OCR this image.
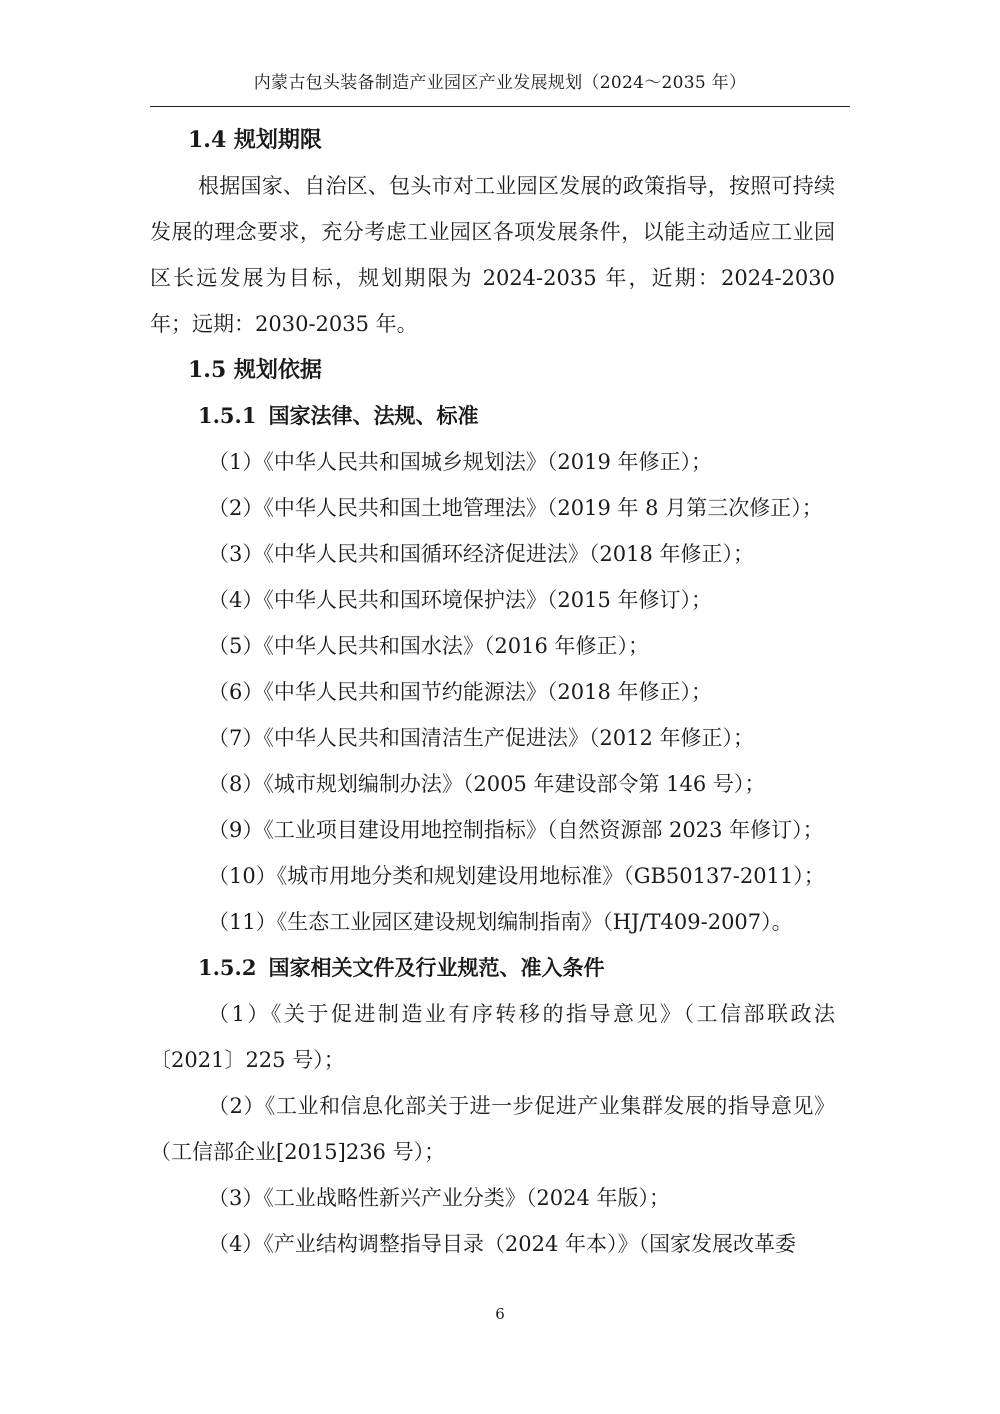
内蒙古包头装备制造产业园区产业发展规划（2024～2035 年）

1.4 规划期限

根据国家、自治区、包头市对工业园区发展的政策指导，按照可持续发展的理念要求，充分考虑工业园区各项发展条件，以能主动适应工业园区长远发展为目标，规划期限为 2024-2035 年，近期：2024-2030 年；远期：2030-2035 年。

1.5 规划依据

1.5.1 国家法律、法规、标准

（1）《中华人民共和国城乡规划法》（2019 年修正）；

（2）《中华人民共和国土地管理法》（2019 年 8 月第三次修正）；

（3）《中华人民共和国循环经济促进法》（2018 年修正）；

（4）《中华人民共和国环境保护法》（2015 年修订）；

（5）《中华人民共和国水法》（2016 年修正）；

（6）《中华人民共和国节约能源法》（2018 年修正）；

（7）《中华人民共和国清洁生产促进法》（2012 年修正）；

（8）《城市规划编制办法》（2005 年建设部令第 146 号）；

（9）《工业项目建设用地控制指标》（自然资源部 2023 年修订）；

（10）《城市用地分类和规划建设用地标准》（GB50137-2011）；

（11）《生态工业园区建设规划编制指南》（HJ/T409-2007）。

1.5.2 国家相关文件及行业规范、准入条件

（1）《关于促进制造业有序转移的指导意见》（工信部联政法〔2021〕225 号）；

（2）《工业和信息化部关于进一步促进产业集群发展的指导意见》（工信部企业[2015]236 号）；

（3）《工业战略性新兴产业分类》（2024 年版）；

（4）《产业结构调整指导目录（2024 年本）》（国家发展改革委

6
